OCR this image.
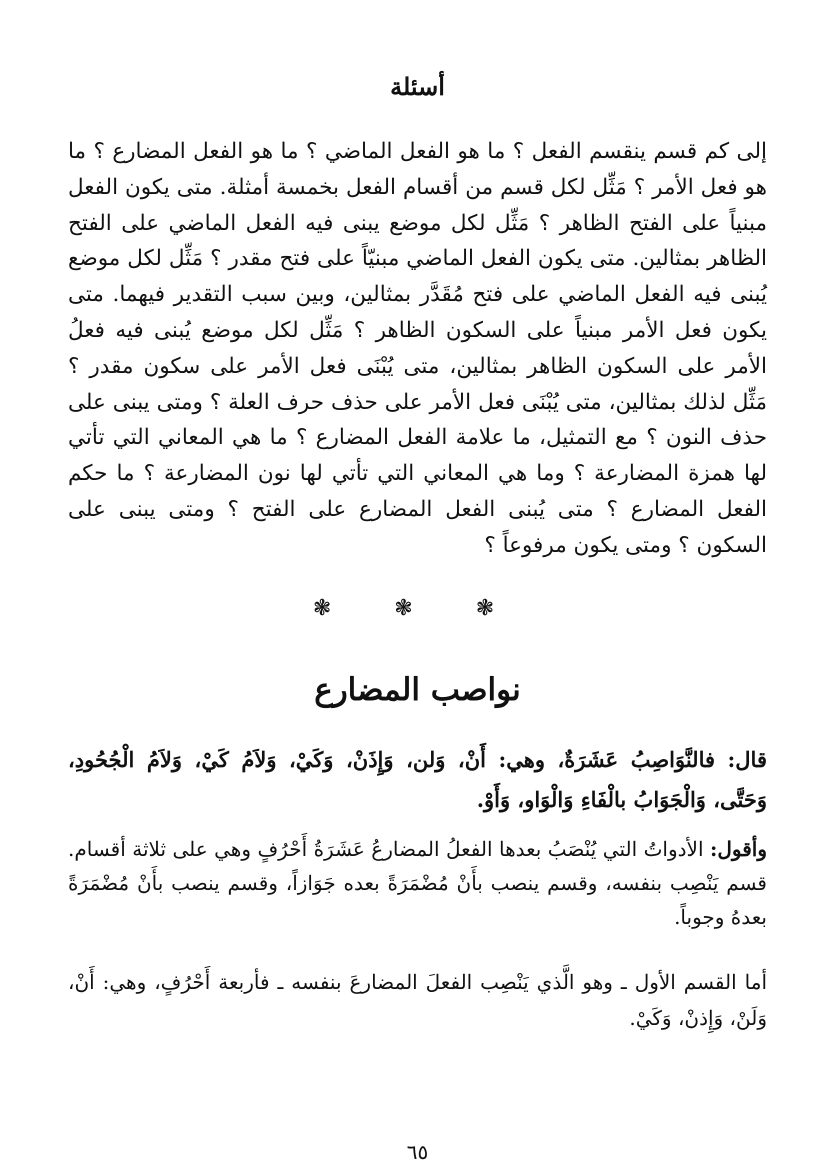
أسئلة
إلى كم قسم ينقسم الفعل ؟ ما هو الفعل الماضي ؟ ما هو الفعل المضارع ؟ ما هو فعل الأمر ؟ مَثِّل لكل قسم من أقسام الفعل بخمسة أمثلة. متى يكون الفعل مبنياً على الفتح الظاهر ؟ مَثِّل لكل موضع يبنى فيه الفعل الماضي على الفتح الظاهر بمثالين. متى يكون الفعل الماضي مبنيّاً على فتح مقدر ؟ مَثِّل لكل موضع يُبنى فيه الفعل الماضي على فتح مُقَدَّر بمثالين، وبين سبب التقدير فيهما. متى يكون فعل الأمر مبنياً على السكون الظاهر ؟ مَثِّل لكل موضع يُبنى فيه فعلُ الأمر على السكون الظاهر بمثالين، متى يُبْنَى فعل الأمر على سكون مقدر ؟ مَثِّل لذلك بمثالين، متى يُبْنَى فعل الأمر على حذف حرف العلة ؟ ومتى يبنى على حذف النون ؟ مع التمثيل، ما علامة الفعل المضارع ؟ ما هي المعاني التي تأتي لها همزة المضارعة ؟ وما هي المعاني التي تأتي لها نون المضارعة ؟ ما حكم الفعل المضارع ؟ متى يُبنى الفعل المضارع على الفتح ؟ ومتى يبنى على السكون ؟ ومتى يكون مرفوعاً ؟
❃ ❃ ❃
نواصب المضارع
قال: فالنَّوَاصِبُ عَشَرَةٌ، وهي: أَنْ، وَلن، وَإِذَنْ، وَكَيْ، وَلاَمُ كَيْ، وَلاَمُ الْجُحُودِ، وَحَتَّى، وَالْجَوَابُ بالْفَاءِ وَالْوَاو، وَأَوْ.
وأقول: الأدواتُ التي يُنْصَبُ بعدها الفعلُ المضارعُ عَشَرَةُ أَحْرُفٍ وهي على ثلاثة أقسام. قسم يَنْصِب بنفسه، وقسم ينصب بأَنْ مُضْمَرَةً بعده جَوَازاً، وقسم ينصب بأَنْ مُضْمَرَةً بعدهُ وجوباً.
أما القسم الأول ـ وهو الَّذي يَنْصِب الفعلَ المضارعَ بنفسه ـ فأربعة أَحْرُفٍ، وهي: أَنْ، وَلَنْ، وَإِذنْ، وَكَيْ.
٦٥
